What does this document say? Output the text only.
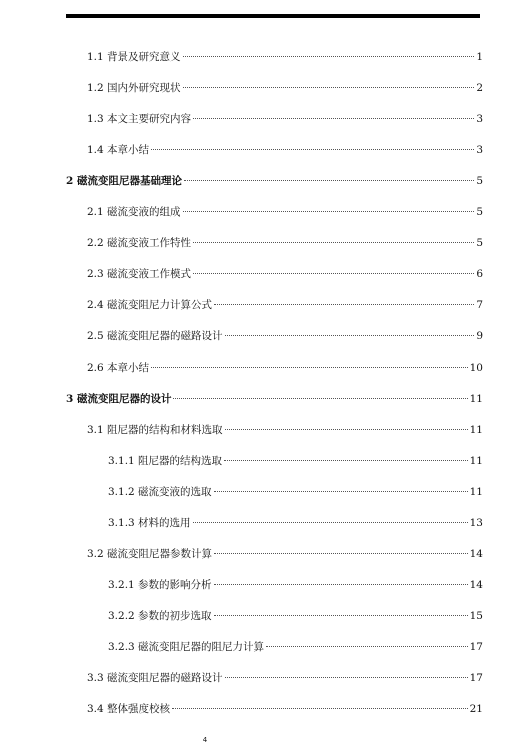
1.1 背景及研究意义	1
1.2 国内外研究现状	2
1.3 本文主要研究内容	3
1.4 本章小结	3
2 磁流变阻尼器基础理论	5
2.1 磁流变液的组成	5
2.2 磁流变液工作特性	5
2.3 磁流变液工作模式	6
2.4 磁流变阻尼力计算公式	7
2.5 磁流变阻尼器的磁路设计	9
2.6 本章小结	10
3 磁流变阻尼器的设计	11
3.1 阻尼器的结构和材料选取	11
3.1.1 阻尼器的结构选取	11
3.1.2 磁流变液的选取	11
3.1.3 材料的选用	13
3.2 磁流变阻尼器参数计算	14
3.2.1 参数的影响分析	14
3.2.2 参数的初步选取	15
3.2.3 磁流变阻尼器的阻尼力计算	17
3.3 磁流变阻尼器的磁路设计	17
3.4 整体强度校核	21
4
